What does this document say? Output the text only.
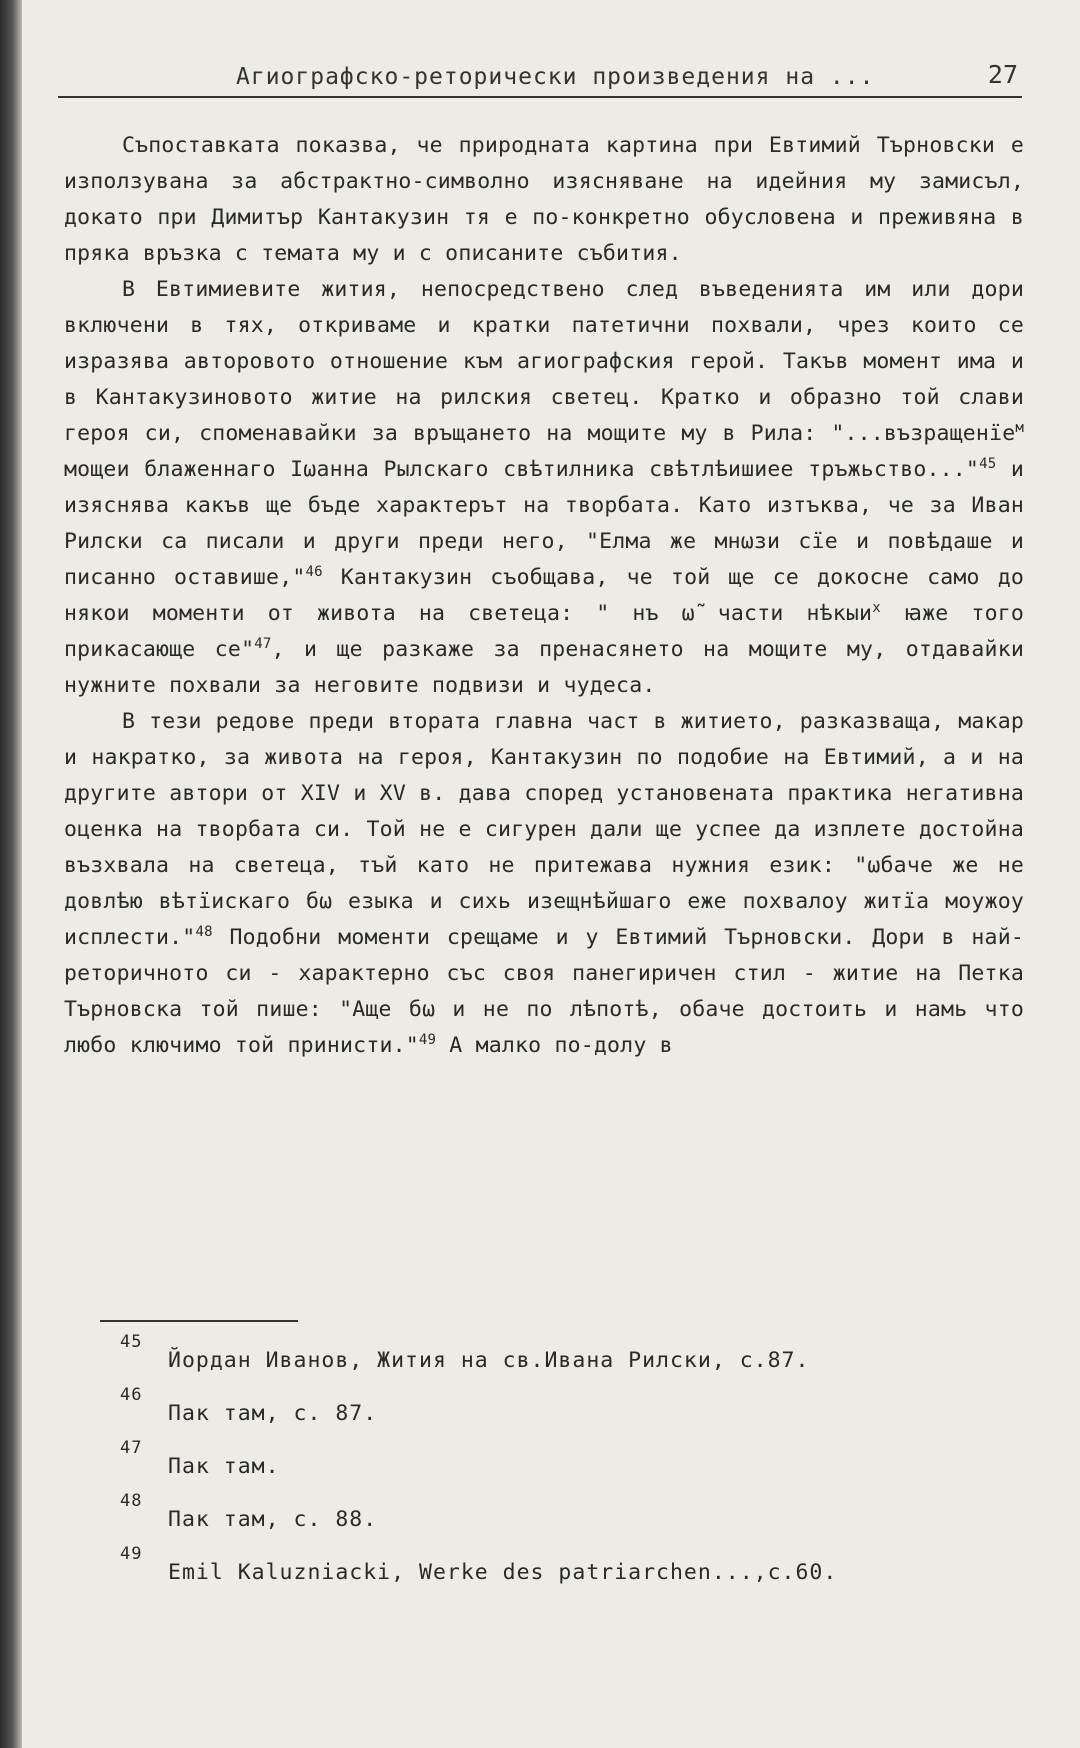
Агиографско-реторически произведения на ...	27

Съпоставката показва, че природната картина при Евтимий Търновски е използувана за абстрактно-символно изясняване на идейния му замисъл, докато при Димитър Кантакузин тя е по-конкретно обусловена и преживяна в пряка връзка с темата му и с описаните събития.

В Евтимиевите жития, непосредствено след въведенията им или дори включени в тях, откриваме и кратки патетични похвали, чрез които се изразява авторовото отношение към агиографския герой. Такъв момент има и в Кантакузиновото житие на рилския светец. Кратко и образно той слави героя си, споменавайки за връщането на мощите му в Рила: "...възращенїе$^м$ мощеи блаженнаго Iωанна Рылскаго свѣтилника свѣтлѣишиее тръжьство..."$^{45}$ и изяснява какъв ще бъде характерът на творбата. Като изтъква, че за Иван Рилски са писали и други преди него, "Елма же мнωзи сїе и повѣдаше и писанно оставише,"$^{46}$ Кантакузин съобщава, че той ще се докосне само до някои моменти от живота на светеца: " нъ ω̃ части нѣкыи$^х$ ꙗже того прикасающе се"$^{47}$, и ще разкаже за пренасянето на мощите му, отдавайки нужните похвали за неговите подвизи и чудеса.

В тези редове преди втората главна част в житието, разказваща, макар и накратко, за живота на героя, Кантакузин по подобие на Евтимий, а и на другите автори от XIV и XV в. дава според установената практика негативна оценка на творбата си. Той не е сигурен дали ще успее да изплете достойна възхвала на светеца, тъй като не притежава нужния език: "ωбаче же не довлѣю вѣтїискаго бω езыка и сихь изещнѣйшаго еже похвалоу житїа моужоу исплести."$^{48}$ Подобни моменти срещаме и у Евтимий Търновски. Дори в най-реторичното си - характерно със своя панегиричен стил - житие на Петка Търновска той пише: "Аще бω и не по лѣпотѣ, обаче достоить и намь что любо ключимо той принисти."$^{49}$ А малко по-долу в

45
Йордан Иванов, Жития на св.Ивана Рилски, с.87.
46
Пак там, с. 87.
47
Пак там.
48
Пак там, с. 88.
49
Emil Kaluzniacki, Werke des patriarchen...,с.60.
